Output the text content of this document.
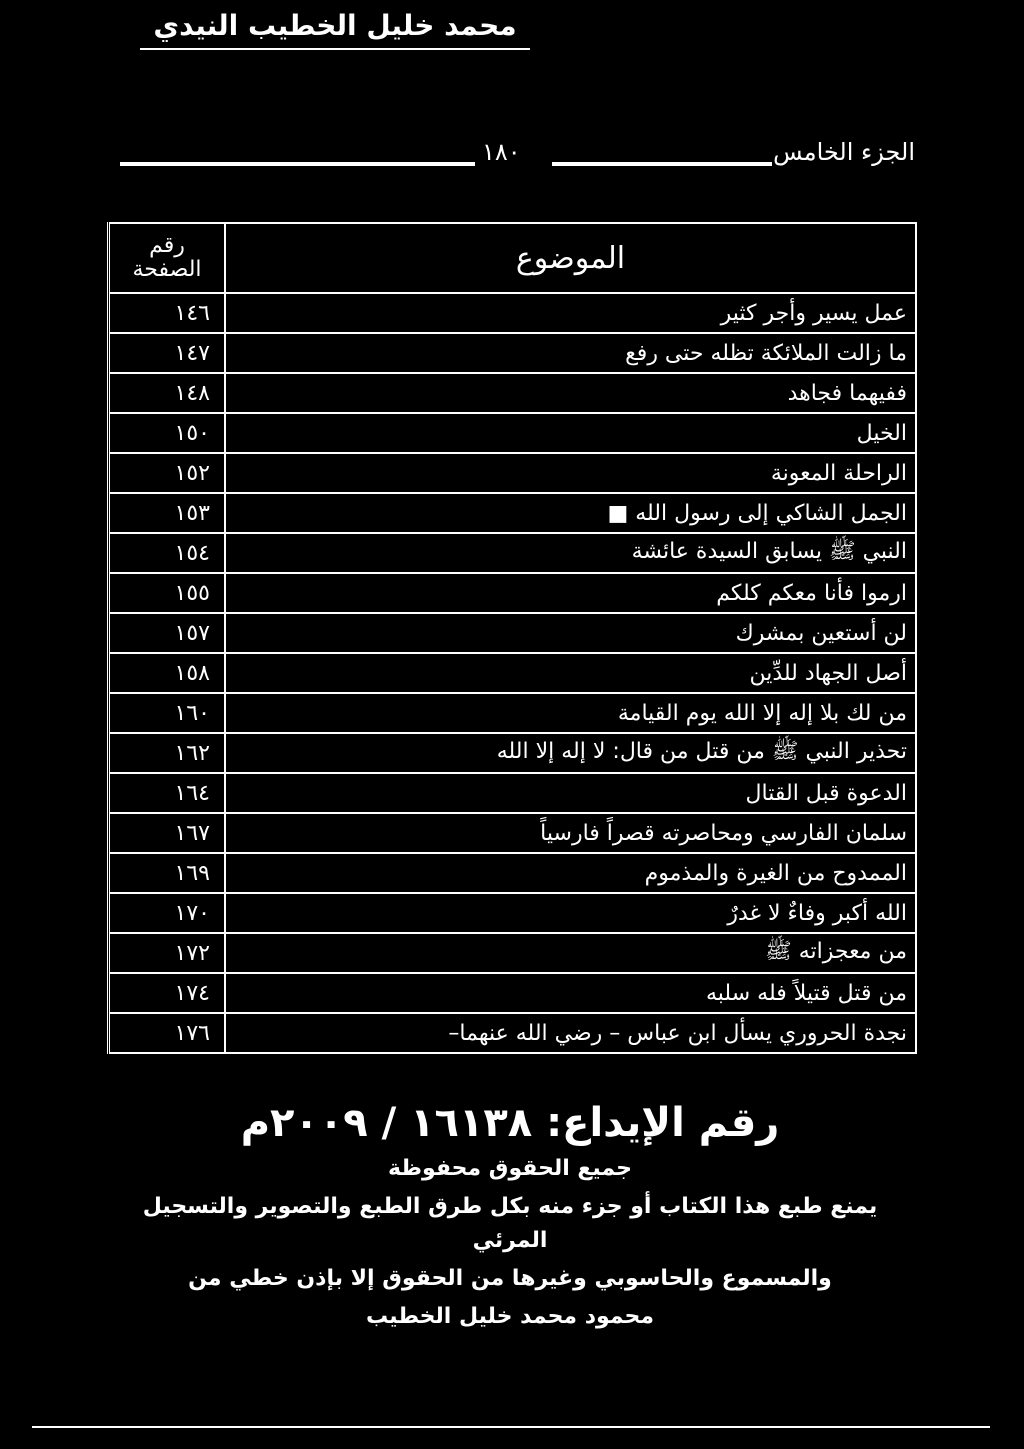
محمد خليل الخطيب النيدي
١٨٠	الجزء الخامس
الموضوع	رقم الصفحة
عمل يسير وأجر كثير	١٤٦
ما زالت الملائكة تظله حتى رفع	١٤٧
ففيهما فجاهد	١٤٨
الخيل	١٥٠
الراحلة المعونة	١٥٢
الجمل الشاكي إلى رسول الله ■	١٥٣
النبي ﷺ يسابق السيدة عائشة	١٥٤
ارموا فأنا معكم كلكم	١٥٥
لن أستعين بمشرك	١٥٧
أصل الجهاد للدِّين	١٥٨
من لك بلا إله إلا الله يوم القيامة	١٦٠
تحذير النبي ﷺ من قتل من قال: لا إله إلا الله	١٦٢
الدعوة قبل القتال	١٦٤
سلمان الفارسي ومحاصرته قصراً فارسياً	١٦٧
الممدوح من الغيرة والمذموم	١٦٩
الله أكبر وفاءٌ لا غدرٌ	١٧٠
من معجزاته ﷺ	١٧٢
من قتل قتيلاً فله سلبه	١٧٤
نجدة الحروري يسأل ابن عباس – رضي الله عنهما–	١٧٦
رقم الإيداع: ١٦١٣٨ / ٢٠٠٩م

جميع الحقوق محفوظة

يمنع طبع هذا الكتاب أو جزء منه بكل طرق الطبع والتصوير والتسجيل المرئي

والمسموع والحاسوبي وغيرها من الحقوق إلا بإذن خطي من

محمود محمد خليل الخطيب
